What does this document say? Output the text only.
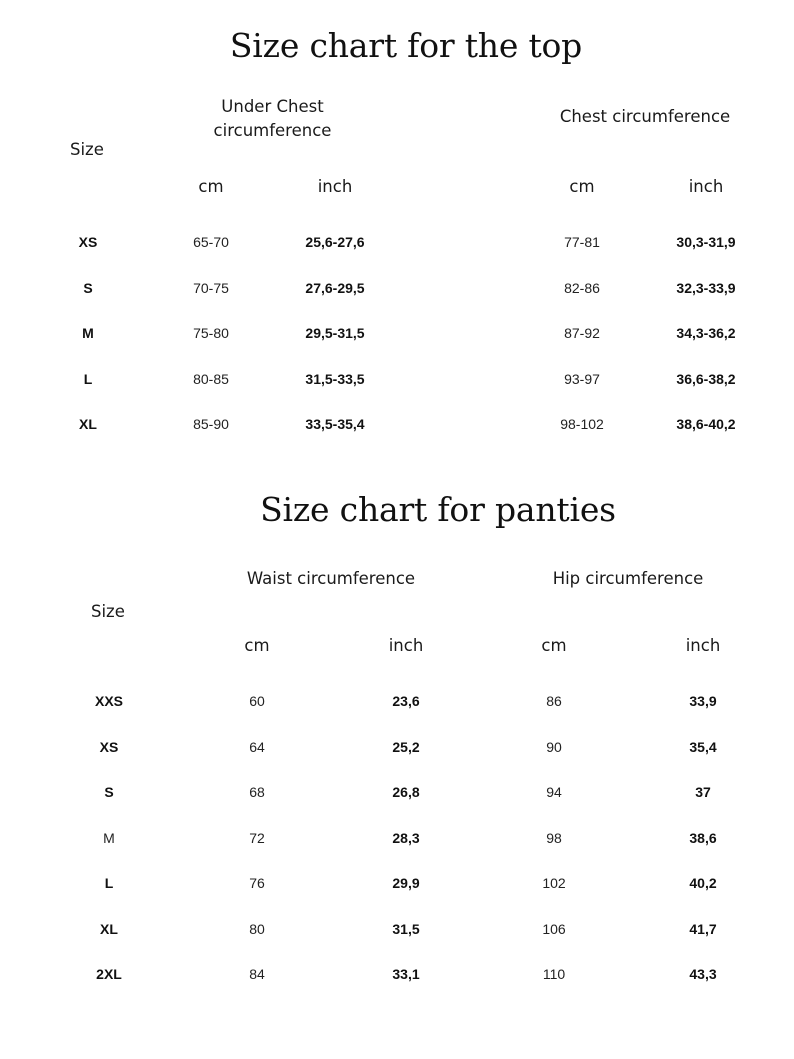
Size chart for the top
Under Chest circumference
Chest circumference
Size
cm	inch	cm	inch
XS	65-70	25,6-27,6	77-81	30,3-31,9
S	70-75	27,6-29,5	82-86	32,3-33,9
M	75-80	29,5-31,5	87-92	34,3-36,2
L	80-85	31,5-33,5	93-97	36,6-38,2
XL	85-90	33,5-35,4	98-102	38,6-40,2
Size chart for panties
Waist circumference	Hip circumference
Size
cm	inch	cm	inch
XXS	60	23,6	86	33,9
XS	64	25,2	90	35,4
S	68	26,8	94	37
M	72	28,3	98	38,6
L	76	29,9	102	40,2
XL	80	31,5	106	41,7
2XL	84	33,1	110	43,3
